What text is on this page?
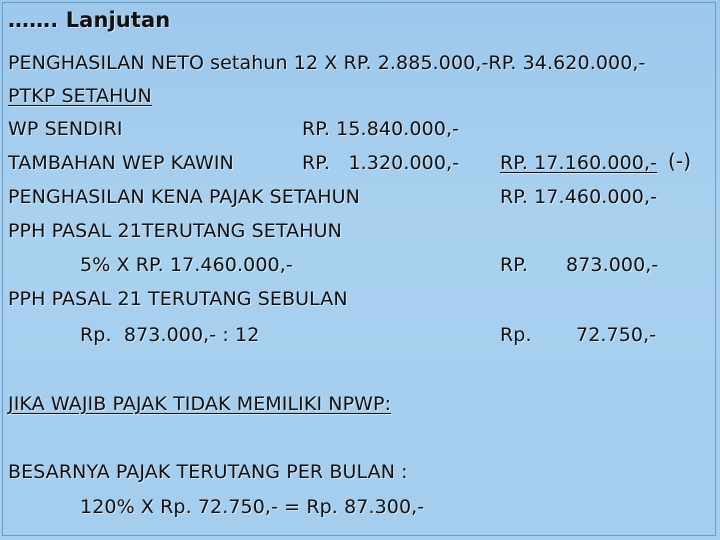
……. Lanjutan
PENGHASILAN NETO setahun 12 X RP. 2.885.000,-RP. 34.620.000,-
PTKP SETAHUN
WP SENDIRI	RP. 15.840.000,-
TAMBAHAN WEP KAWIN	RP.   1.320.000,- RP. 17.160.000,- (-)
PENGHASILAN KENA PAJAK SETAHUN	RP. 17.460.000,-
PPH PASAL 21TERUTANG SETAHUN
5% X RP. 17.460.000,-	RP. 873.000,-
PPH PASAL 21 TERUTANG SEBULAN
Rp.  873.000,- : 12	Rp. 72.750,-
JIKA WAJIB PAJAK TIDAK MEMILIKI NPWP:
BESARNYA PAJAK TERUTANG PER BULAN :
120% X Rp. 72.750,- = Rp. 87.300,-
